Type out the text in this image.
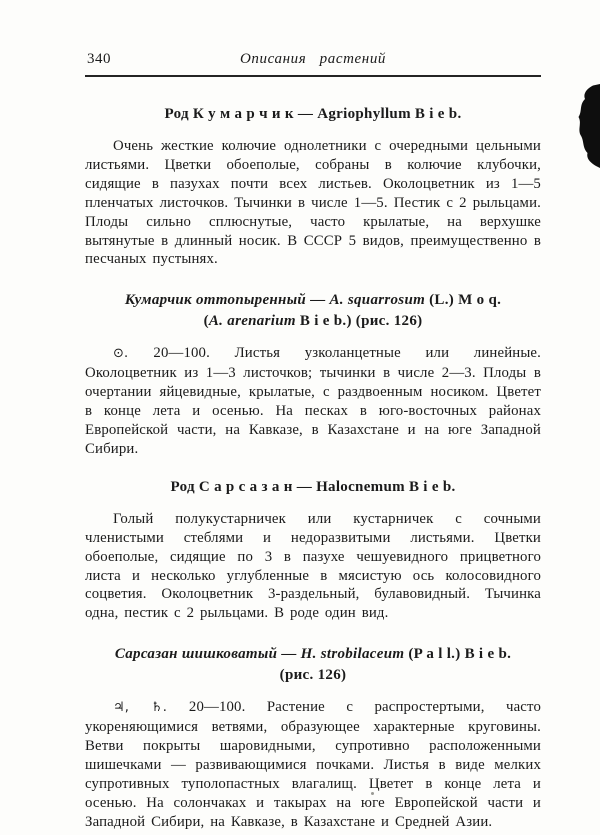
340	Описания растений
Род К у м а р ч и к — Agriophyllum B i e b.

Очень жесткие колючие однолетники с очередными цельными листьями. Цветки обоеполые, собраны в колючие клубочки, сидящие в пазухах почти всех листьев. Околоцветник из 1—5 пленчатых листочков. Тычинки в числе 1—5. Пестик с 2 рыльцами. Плоды сильно сплюснутые, часто крылатые, на верхушке вытянутые в длинный носик. В СССР 5 видов, преимущественно в песчаных пустынях.

Кумарчик оттопыренный — A. squarrosum (L.) M o q.
(A. arenarium B i e b.) (рис. 126)

⊙. 20—100. Листья узколанцетные или линейные. Околоцветник из 1—3 листочков; тычинки в числе 2—3. Плоды в очертании яйцевидные, крылатые, с раздвоенным носиком. Цветет в конце лета и осенью. На песках в юго-восточных районах Европейской части, на Кавказе, в Казахстане и на юге Западной Сибири.

Род С а р с а з а н — Halocnemum B i e b.

Голый полукустарничек или кустарничек с сочными членистыми стеблями и недоразвитыми листьями. Цветки обоеполые, сидящие по 3 в пазухе чешуевидного прицветного листа и несколько углубленные в мясистую ось колосовидного соцветия. Околоцветник 3-раздельный, булавовидный. Тычинка одна, пестик с 2 рыльцами. В роде один вид.

Сарсазан шишковатый — H. strobilaceum (P a l l.) B i e b.
(рис. 126)

♃, ♄. 20—100. Растение с распростертыми, часто укореняющимися ветвями, образующее характерные круговины. Ветви покрыты шаровидными, супротивно расположенными шишечками — развивающимися почками. Листья в виде мелких супротивных туполопастных влагалищ. Цветет в конце лета и осенью. На солончаках и такырах на юге Европейской части и Западной Сибири, на Кавказе, в Казахстане и Средней Азии.
